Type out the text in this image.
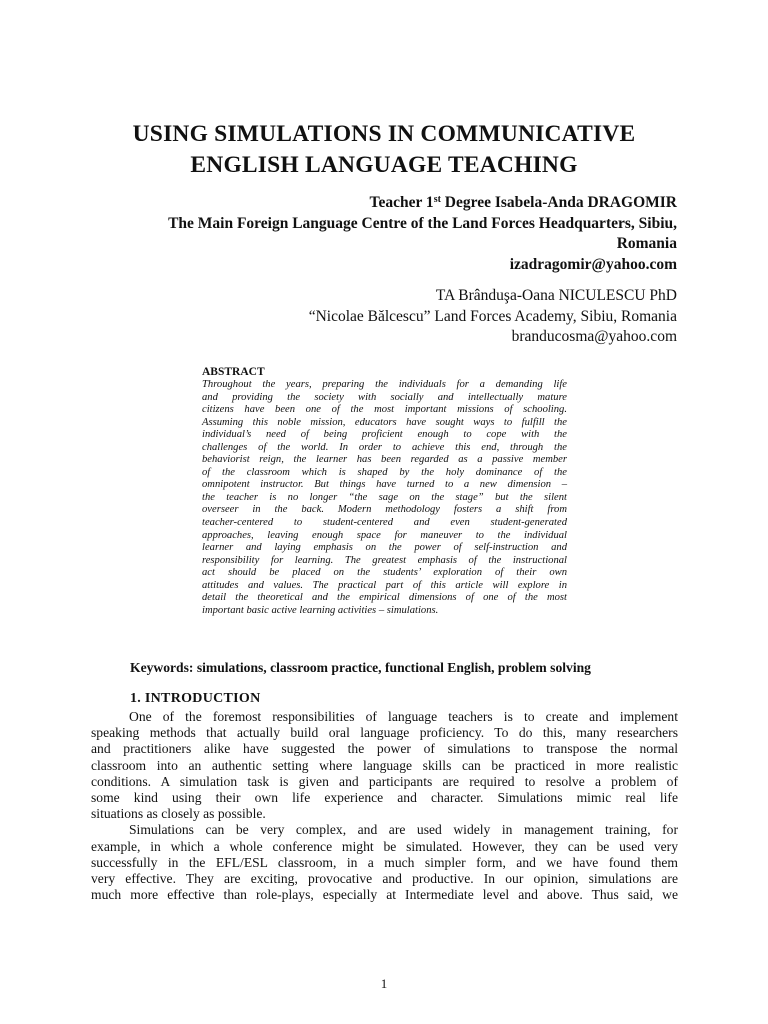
USING SIMULATIONS IN COMMUNICATIVE
ENGLISH LANGUAGE TEACHING
Teacher 1st Degree Isabela-Anda DRAGOMIR
The Main Foreign Language Centre of the Land Forces Headquarters, Sibiu,
Romania
izadragomir@yahoo.com
TA Brânduşa-Oana NICULESCU PhD
“Nicolae Bălcescu” Land Forces Academy, Sibiu, Romania
branducosma@yahoo.com
ABSTRACT
Throughout the years, preparing the individuals for a demanding life
and providing the society with socially and intellectually mature
citizens have been one of the most important missions of schooling.
Assuming this noble mission, educators have sought ways to fulfill the
individual’s need of being proficient enough to cope with the
challenges of the world. In order to achieve this end, through the
behaviorist reign, the learner has been regarded as a passive member
of the classroom which is shaped by the holy dominance of the
omnipotent instructor. But things have turned to a new dimension –
the teacher is no longer “the sage on the stage” but the silent
overseer in the back. Modern methodology fosters a shift from
teacher-centered to student-centered and even student-generated
approaches, leaving enough space for maneuver to the individual
learner and laying emphasis on the power of self-instruction and
responsibility for learning. The greatest emphasis of the instructional
act should be placed on the students’ exploration of their own
attitudes and values. The practical part of this article will explore in
detail the theoretical and the empirical dimensions of one of the most
important basic active learning activities – simulations.
Keywords: simulations, classroom practice, functional English, problem solving
1. INTRODUCTION
One of the foremost responsibilities of language teachers is to create and implement
speaking methods that actually build oral language proficiency. To do this, many researchers
and practitioners alike have suggested the power of simulations to transpose the normal
classroom into an authentic setting where language skills can be practiced in more realistic
conditions. A simulation task is given and participants are required to resolve a problem of
some kind using their own life experience and character. Simulations mimic real life
situations as closely as possible.
Simulations can be very complex, and are used widely in management training, for
example, in which a whole conference might be simulated. However, they can be used very
successfully in the EFL/ESL classroom, in a much simpler form, and we have found them
very effective. They are exciting, provocative and productive. In our opinion, simulations are
much more effective than role-plays, especially at Intermediate level and above. Thus said, we
1
